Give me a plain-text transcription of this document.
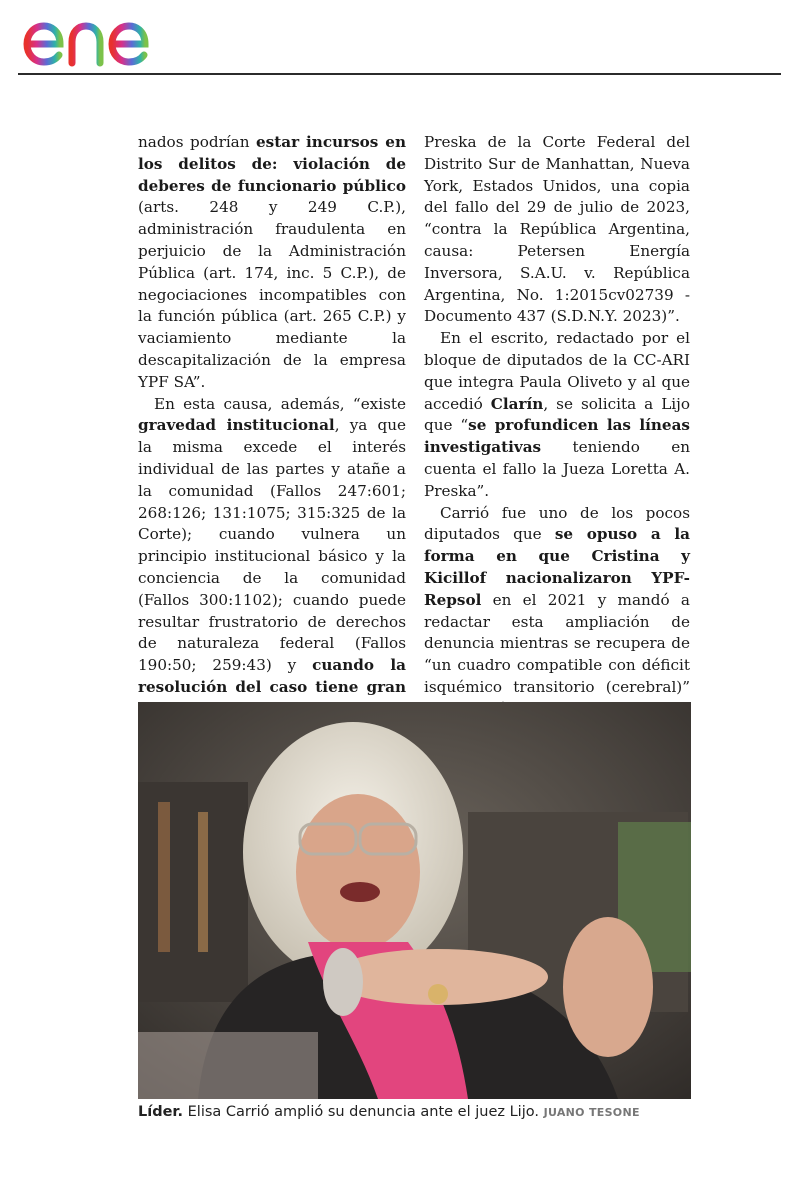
nados podrían estar incursos en los delitos de: violación de deberes de funcionario público (arts. 248 y 249 C.P.), administración fraudulenta en perjuicio de la Administración Pública (art. 174, inc. 5 C.P.), de negociaciones incompatibles con la función pública (art. 265 C.P.) y vaciamiento mediante la descapitalización de la empresa YPF SA”.

En esta causa, además, “existe gravedad institucional, ya que la misma excede el interés individual de las partes y atañe a la comunidad (Fallos 247:601; 268:126; 131:1075; 315:325 de la Corte); cuando vulnera un principio institucional básico y la conciencia de la comunidad (Fallos 300:1102); cuando puede resultar frustratorio de derechos de naturaleza federal (Fallos 190:50; 259:43) y cuando la resolución del caso tiene gran

Preska de la Corte Federal del Distrito Sur de Manhattan, Nueva York, Estados Unidos, una copia del fallo del 29 de julio de 2023, “contra la República Argentina, causa: Petersen Energía Inversora, S.A.U. v. República Argentina, No. 1:2015cv02739 - Documento 437 (S.D.N.Y. 2023)”.

En el escrito, redactado por el bloque de diputados de la CC-ARI que integra Paula Oliveto y al que accedió Clarín, se solicita a Lijo que “se profundicen las líneas investigativas teniendo en cuenta el fallo la Jueza Loretta A. Preska”.

Carrió fue uno de los pocos diputados que se opuso a la forma en que Cristina y Kicillof nacionalizaron YPF-Repsol en el 2021 y mandó a redactar esta ampliación de denuncia mientras se recupera de “un cuadro compatible con déficit isquémico transitorio (cerebral)”

Líder. Elisa Carrió amplió su denuncia ante el juez Lijo. JUANO TESONE
